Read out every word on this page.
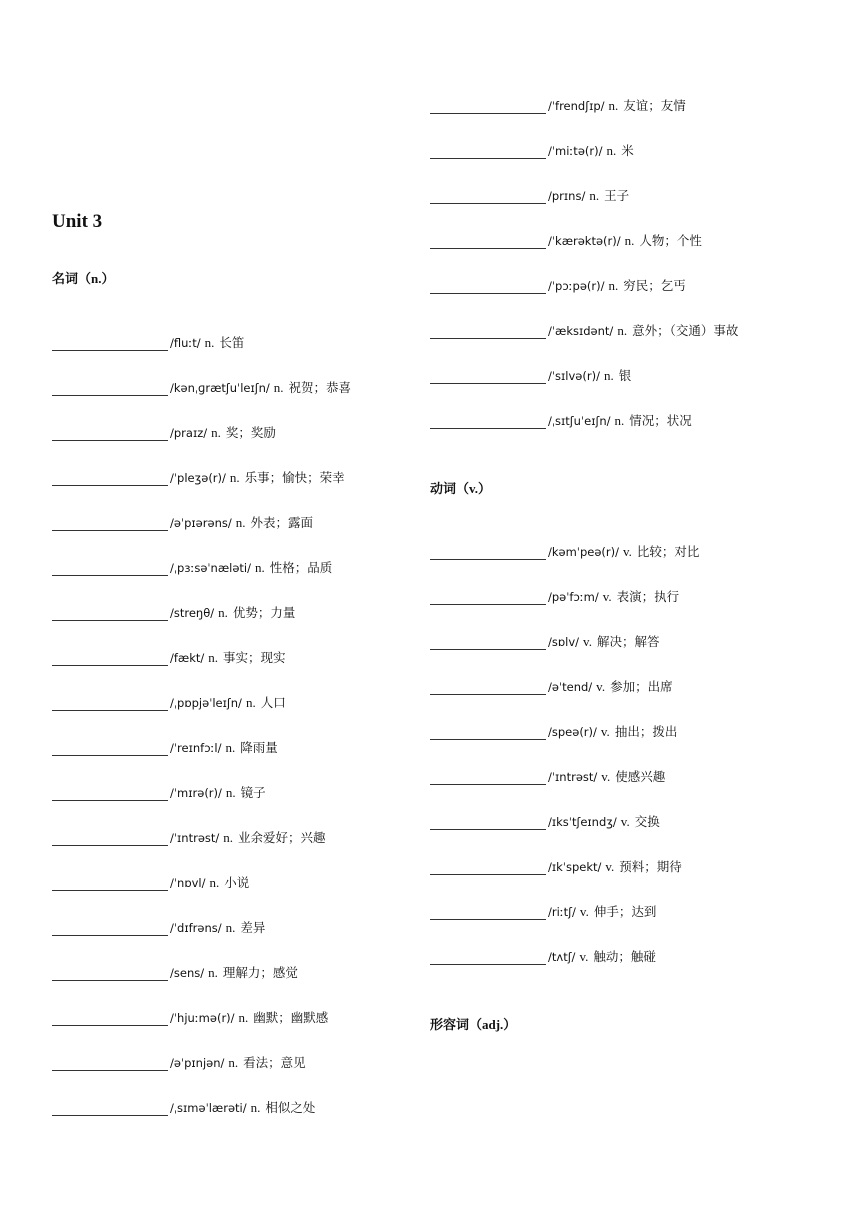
Unit 3
名词（n.）
/fluːt/ n. 长笛
/kənˌɡrætʃuˈleɪʃn/ n. 祝贺；恭喜
/praɪz/ n. 奖；奖励
/ˈpleʒə(r)/ n. 乐事；愉快；荣幸
/əˈpɪərəns/ n. 外表；露面
/ˌpɜːsəˈnæləti/ n. 性格；品质
/streŋθ/ n. 优势；力量
/fækt/ n. 事实；现实
/ˌpɒpjəˈleɪʃn/ n. 人口
/ˈreɪnfɔːl/ n. 降雨量
/ˈmɪrə(r)/ n. 镜子
/ˈɪntrəst/ n. 业余爱好；兴趣
/ˈnɒvl/ n. 小说
/ˈdɪfrəns/ n. 差异
/sens/ n. 理解力；感觉
/ˈhjuːmə(r)/ n. 幽默；幽默感
/əˈpɪnjən/ n. 看法；意见
/ˌsɪməˈlærəti/ n. 相似之处
/ˈfrendʃɪp/ n. 友谊；友情
/ˈmiːtə(r)/ n. 米
/prɪns/ n. 王子
/ˈkærəktə(r)/ n. 人物；个性
/ˈpɔːpə(r)/ n. 穷民；乞丐
/ˈæksɪdənt/ n. 意外；（交通）事故
/ˈsɪlvə(r)/ n. 银
/ˌsɪtʃuˈeɪʃn/ n. 情况；状况
动词（v.）
/kəmˈpeə(r)/ v. 比较；对比
/pəˈfɔːm/ v. 表演；执行
/sɒlv/ v. 解决；解答
/əˈtend/ v. 参加；出席
/speə(r)/ v. 抽出；拨出
/ˈɪntrəst/ v. 使感兴趣
/ɪksˈtʃeɪndʒ/ v. 交换
/ɪkˈspekt/ v. 预料；期待
/riːtʃ/ v. 伸手；达到
/tʌtʃ/ v. 触动；触碰
形容词（adj.）
